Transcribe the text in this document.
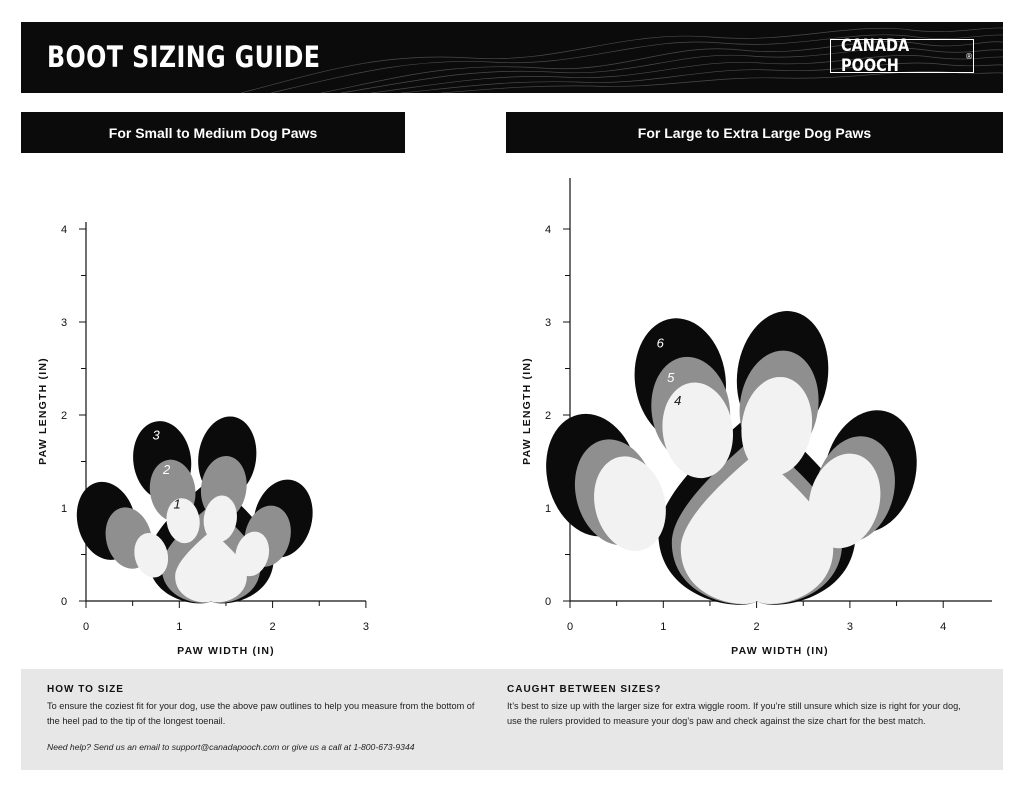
BOOT SIZING GUIDE	CANADA POOCH	®
For Small to Medium Dog Paws	For Large to Extra Large Dog Paws
0	1	2	3
0
1
2
3
4
PAW WIDTH (IN)
PAW LENGTH (IN)
1
2
3
0	1	2	3	4
0
1
2
3
4
PAW WIDTH (IN)
PAW LENGTH (IN)	4
5
6
HOW TO SIZE

To ensure the coziest fit for your dog, use the above paw outlines to help you measure from the bottom of the heel pad to the tip of the longest toenail.

Need help? Send us an email to support@canadapooch.com or give us a call at 1-800-673-9344

CAUGHT BETWEEN SIZES?

It’s best to size up with the larger size for extra wiggle room. If you’re still unsure which size is right for your dog, use the rulers provided to measure your dog’s paw and check against the size chart for the best match.
